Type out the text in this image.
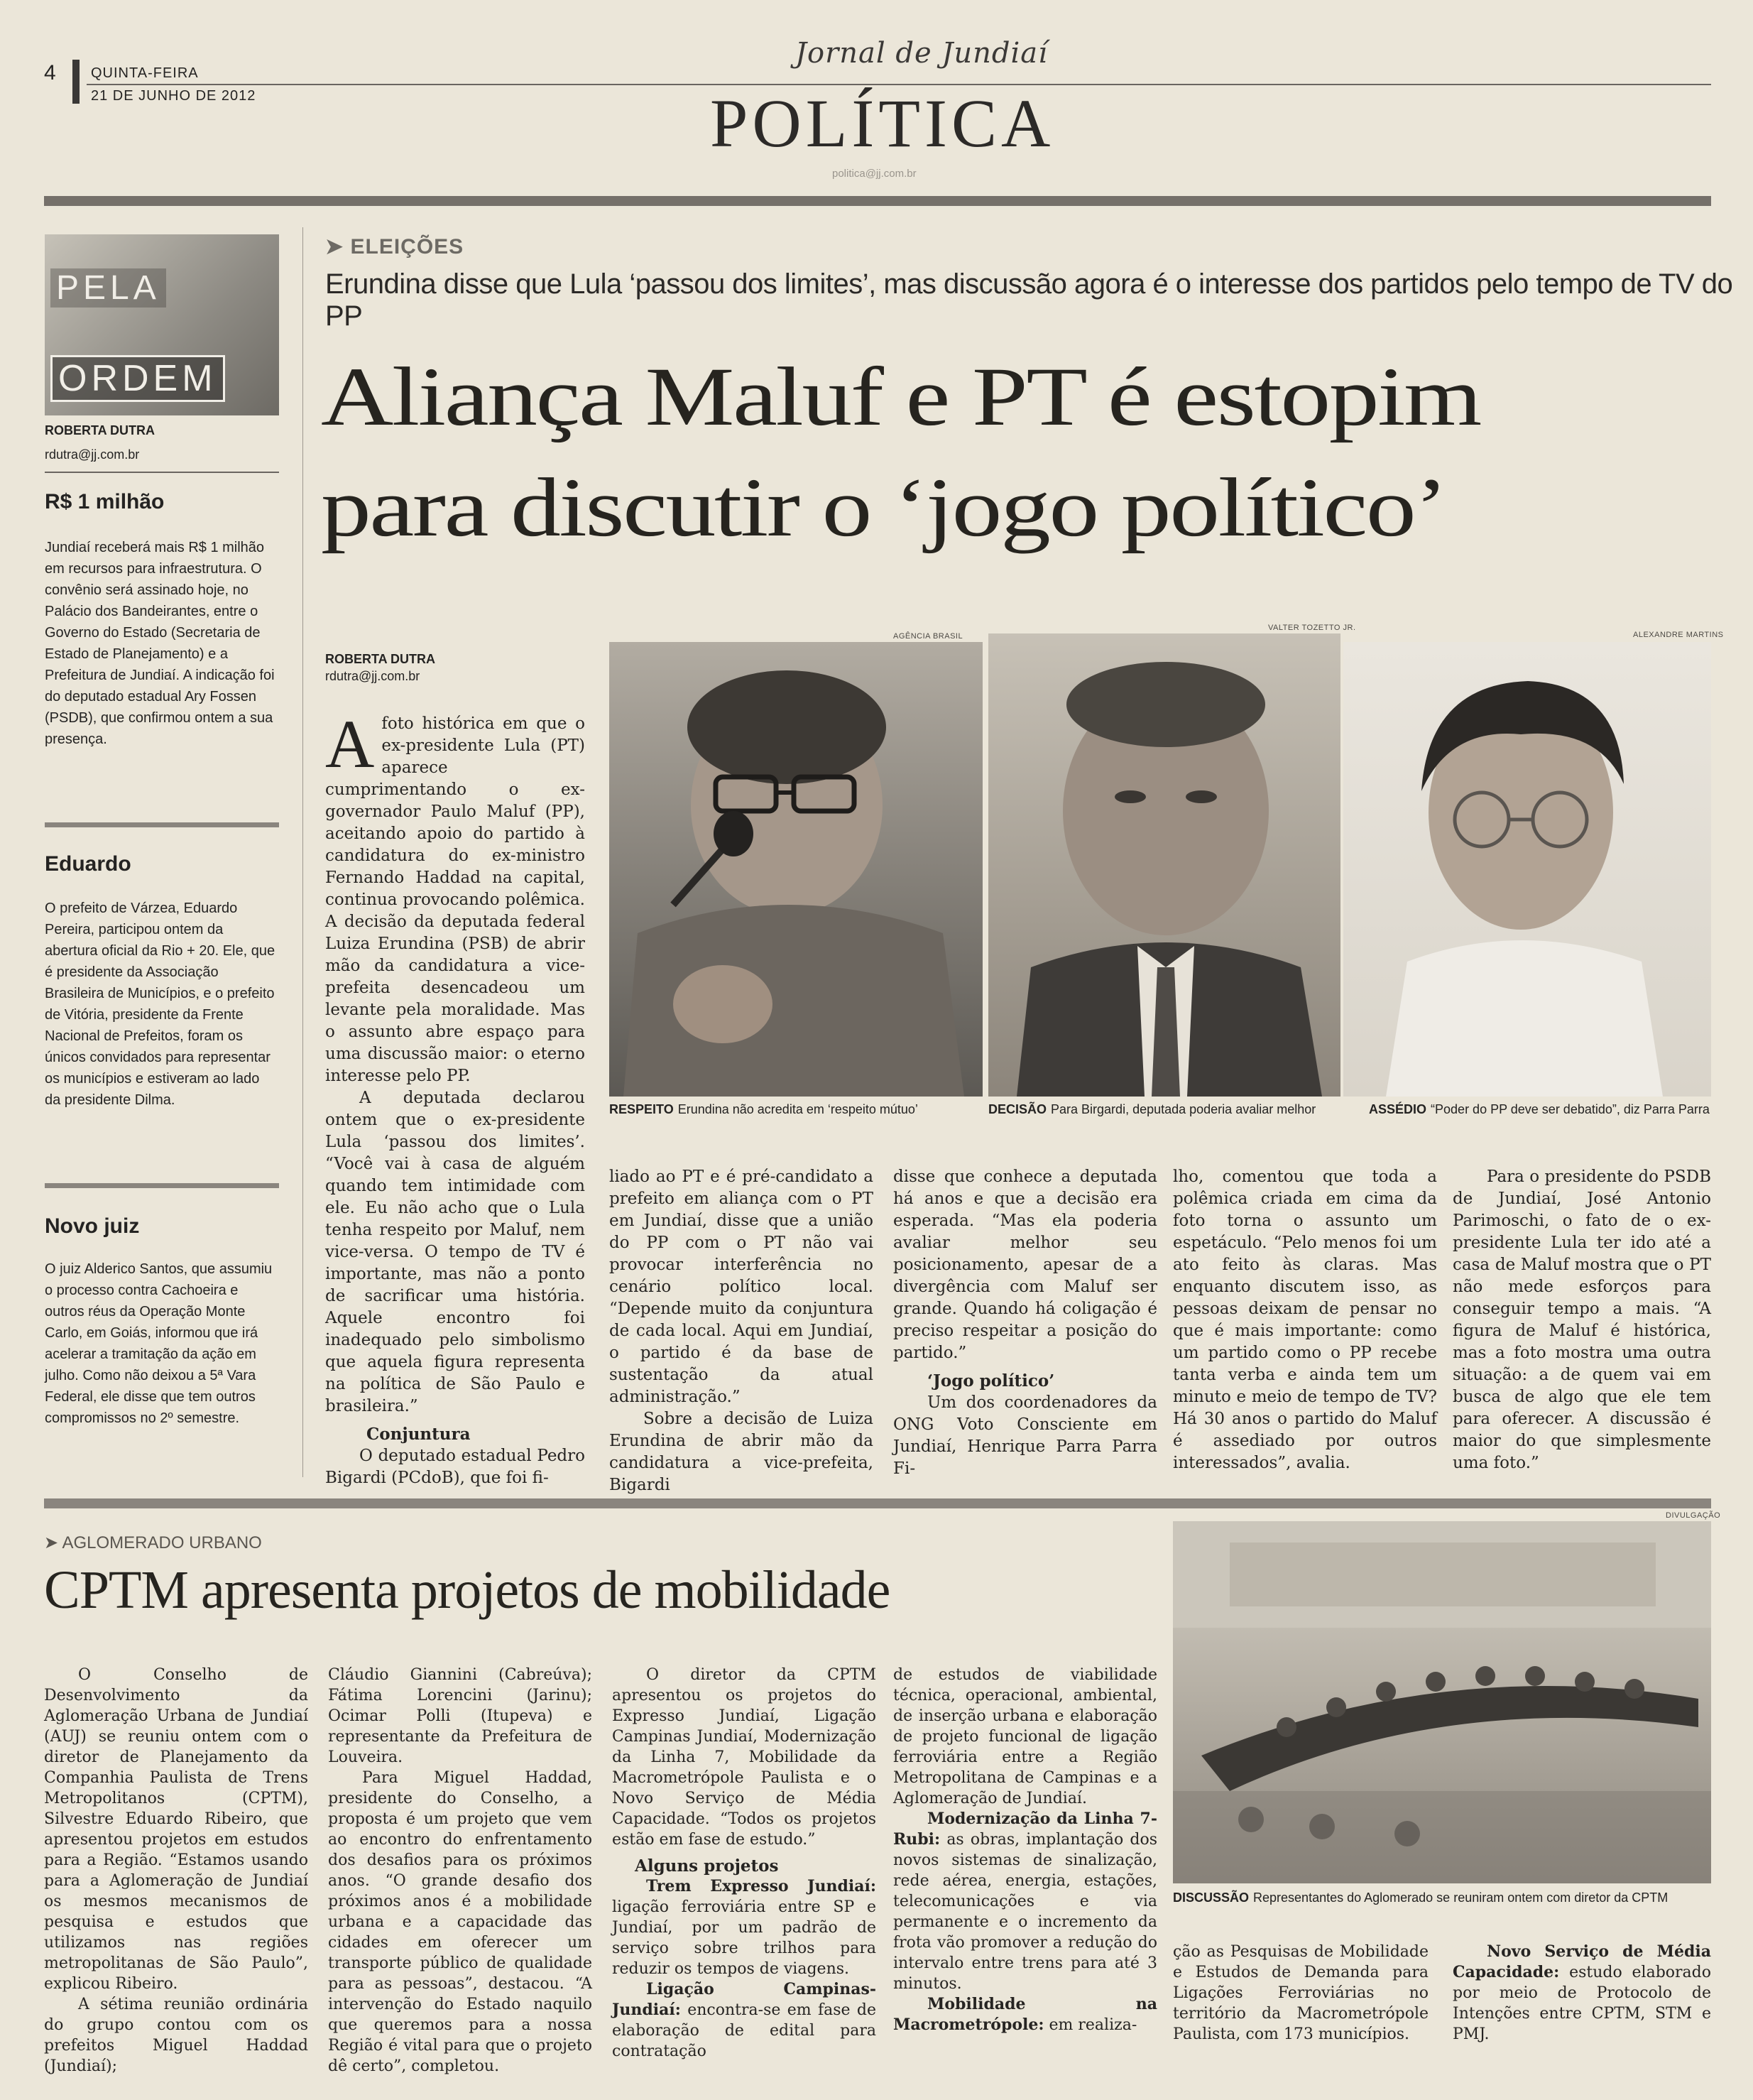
4 QUINTA-FEIRA
21 DE JUNHO DE 2012
Jornal de Jundiaí
POLÍTICA
politica@jj.com.br
PELA
ORDEM
ROBERTA DUTRA
rdutra@jj.com.br
R$ 1 milhão
Jundiaí receberá mais R$ 1 milhão em recursos para infraestrutura. O convênio será assinado hoje, no Palácio dos Bandeirantes, entre o Governo do Estado (Secretaria de Estado de Planejamento) e a Prefeitura de Jundiaí. A indicação foi do deputado estadual Ary Fossen (PSDB), que confirmou ontem a sua presença.
Eduardo
O prefeito de Várzea, Eduardo Pereira, participou ontem da abertura oficial da Rio + 20. Ele, que é presidente da Associação Brasileira de Municípios, e o prefeito de Vitória, presidente da Frente Nacional de Prefeitos, foram os únicos convidados para representar os municípios e estiveram ao lado da presidente Dilma.
Novo juiz
O juiz Alderico Santos, que assumiu o processo contra Cachoeira e outros réus da Operação Monte Carlo, em Goiás, informou que irá acelerar a tramitação da ação em julho. Como não deixou a 5ª Vara Federal, ele disse que tem outros compromissos no 2º semestre.
➤ ELEIÇÕES
Erundina disse que Lula ‘passou dos limites’, mas discussão agora é o interesse dos partidos pelo tempo de TV do PP
Aliança Maluf e PT é estopim
para discutir o ‘jogo político’
ROBERTA DUTRA
rdutra@jj.com.br
AGÊNCIA BRASIL
RESPEITO Erundina não acredita em ‘respeito mútuo’
VALTER TOZETTO JR.
DECISÃO Para Birgardi, deputada poderia avaliar melhor
ALEXANDRE MARTINS
ASSÉDIO “Poder do PP deve ser debatido”, diz Parra Parra

Afoto histórica em que o ex-presidente Lula (PT) aparece cumprimentando o ex-governador Paulo Maluf (PP), aceitando apoio do partido à candidatura do ex-ministro Fernando Haddad na capital, continua provocando polêmica. A decisão da deputada federal Luiza Erundina (PSB) de abrir mão da candidatura a vice-prefeita desencadeou um levante pela moralidade. Mas o assunto abre espaço para uma discussão maior: o eterno interesse pelo PP.

A deputada declarou ontem que o ex-presidente Lula ‘passou dos limites’. “Você vai à casa de alguém quando tem intimidade com ele. Eu não acho que o Lula tenha respeito por Maluf, nem vice-versa. O tempo de TV é importante, mas não a ponto de sacrificar uma história. Aquele encontro foi inadequado pelo simbolismo que aquela figura representa na política de São Paulo e brasileira.”

Conjuntura

O deputado estadual Pedro Bigardi (PCdoB), que foi fi-

liado ao PT e é pré-candidato a prefeito em aliança com o PT em Jundiaí, disse que a união do PP com o PT não vai provocar interferência no cenário político local. “Depende muito da conjuntura de cada local. Aqui em Jundiaí, o partido é da base de sustentação da atual administração.”

Sobre a decisão de Luiza Erundina de abrir mão da candidatura a vice-prefeita, Bigardi

disse que conhece a deputada há anos e que a decisão era esperada. “Mas ela poderia avaliar melhor seu posicionamento, apesar de a divergência com Maluf ser grande. Quando há coligação é preciso respeitar a posição do partido.”

‘Jogo político’

Um dos coordenadores da ONG Voto Consciente em Jundiaí, Henrique Parra Parra Fi-

lho, comentou que toda a polêmica criada em cima da foto torna o assunto um espetáculo. “Pelo menos foi um ato feito às claras. Mas enquanto discutem isso, as pessoas deixam de pensar no que é mais importante: como um partido como o PP recebe tanta verba e ainda tem um minuto e meio de tempo de TV? Há 30 anos o partido do Maluf é assediado por outros interessados”, avalia.

Para o presidente do PSDB de Jundiaí, José Antonio Parimoschi, o fato de o ex-presidente Lula ter ido até a casa de Maluf mostra que o PT não mede esforços para conseguir tempo a mais. “A figura de Maluf é histórica, mas a foto mostra uma outra situação: a de quem vai em busca de algo que ele tem para oferecer. A discussão é maior do que simplesmente uma foto.”

➤ AGLOMERADO URBANO
CPTM apresenta projetos de mobilidade
DIVULGAÇÃO
DISCUSSÃO Representantes do Aglomerado se reuniram ontem com diretor da CPTM

O Conselho de Desenvolvimento da Aglomeração Urbana de Jundiaí (AUJ) se reuniu ontem com o diretor de Planejamento da Companhia Paulista de Trens Metropolitanos (CPTM), Silvestre Eduardo Ribeiro, que apresentou projetos em estudos para a Região. “Estamos usando para a Aglomeração de Jundiaí os mesmos mecanismos de pesquisa e estudos que utilizamos nas regiões metropolitanas de São Paulo”, explicou Ribeiro.

A sétima reunião ordinária do grupo contou com os prefeitos Miguel Haddad (Jundiaí);

Cláudio Giannini (Cabreúva); Fátima Lorencini (Jarinu); Ocimar Polli (Itupeva) e representante da Prefeitura de Louveira.

Para Miguel Haddad, presidente do Conselho, a proposta é um projeto que vem ao encontro do enfrentamento dos desafios para os próximos anos. “O grande desafio dos próximos anos é a mobilidade urbana e a capacidade das cidades em oferecer um transporte público de qualidade para as pessoas”, destacou. “A intervenção do Estado naquilo que queremos para a nossa Região é vital para que o projeto dê certo”, completou.

O diretor da CPTM apresentou os projetos do Expresso Jundiaí, Ligação Campinas Jundiaí, Modernização da Linha 7, Mobilidade da Macrometrópole Paulista e o Novo Serviço de Média Capacidade. “Todos os projetos estão em fase de estudo.”

Alguns projetos

Trem Expresso Jundiaí: ligação ferroviária entre SP e Jundiaí, por um padrão de serviço sobre trilhos para reduzir os tempos de viagens.

Ligação Campinas-Jundiaí: encontra-se em fase de elaboração de edital para contratação

de estudos de viabilidade técnica, operacional, ambiental, de inserção urbana e elaboração de projeto funcional de ligação ferroviária entre a Região Metropolitana de Campinas e a Aglomeração de Jundiaí.

Modernização da Linha 7-Rubi: as obras, implantação dos novos sistemas de sinalização, rede aérea, energia, estações, telecomunicações e via permanente e o incremento da frota vão promover a redução do intervalo entre trens para até 3 minutos.

Mobilidade na Macrometrópole: em realiza-

ção as Pesquisas de Mobilidade e Estudos de Demanda para Ligações Ferroviárias no território da Macrometrópole Paulista, com 173 municípios.

Novo Serviço de Média Capacidade: estudo elaborado por meio de Protocolo de Intenções entre CPTM, STM e PMJ.
